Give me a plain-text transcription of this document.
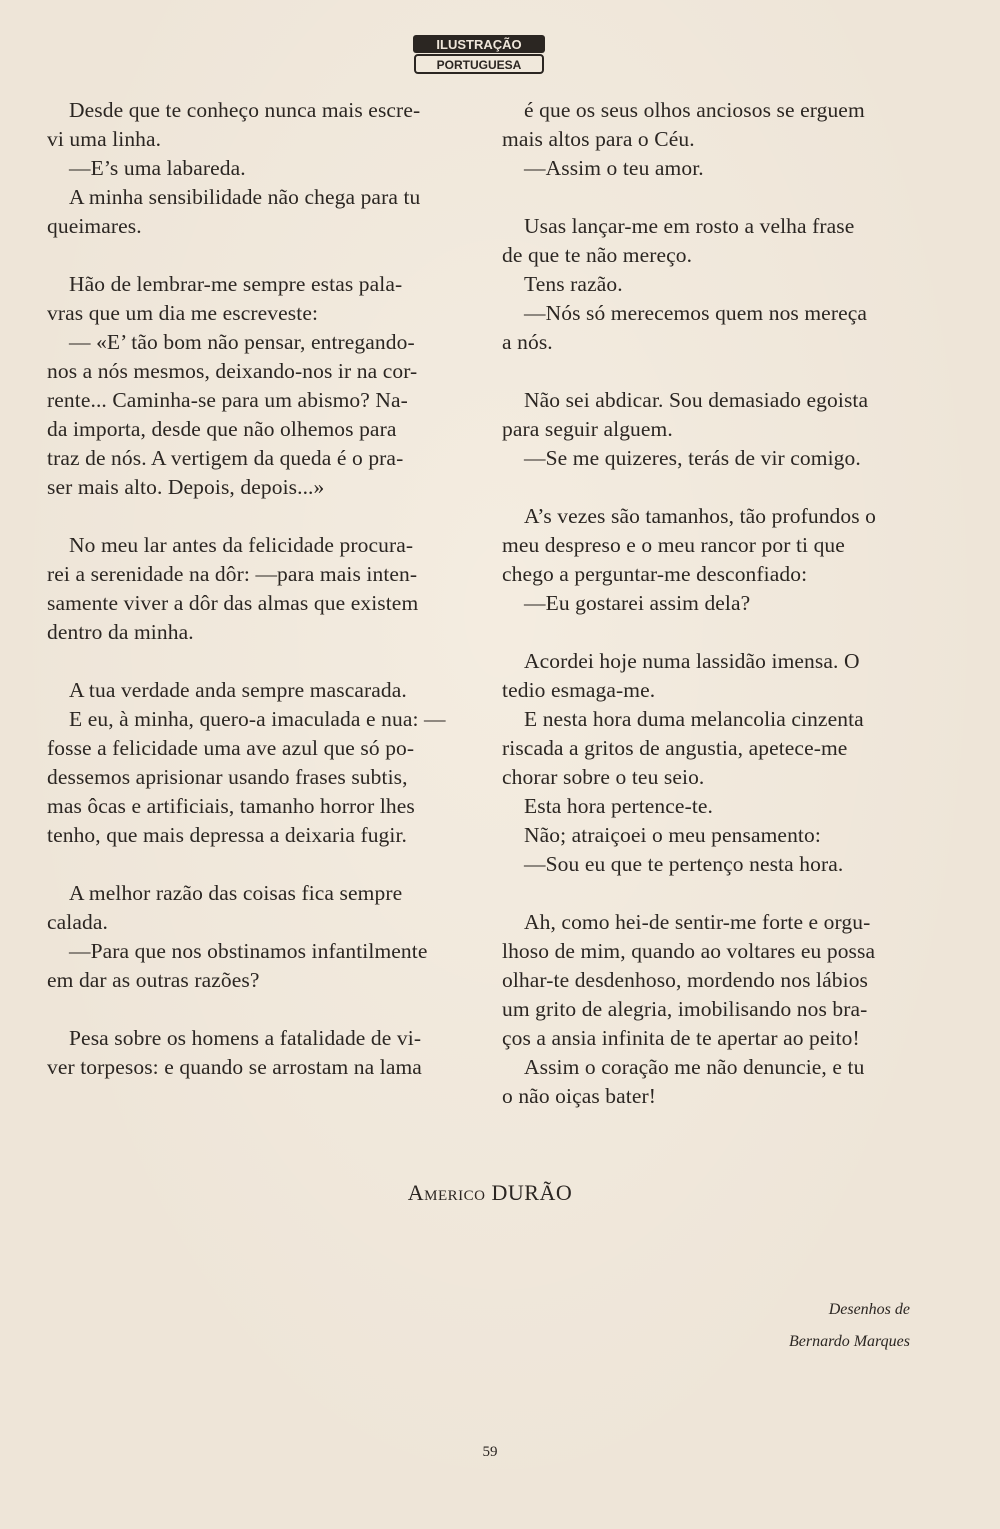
ILUSTRAÇÃO
PORTUGUESA
Desde que te conheço nunca mais escre-
vi uma linha.
—E’s uma labareda.
A minha sensibilidade não chega para tu
queimares.
Hão de lembrar-me sempre estas pala-
vras que um dia me escreveste:
— «E’ tão bom não pensar, entregando-
nos a nós mesmos, deixando-nos ir na cor-
rente... Caminha-se para um abismo? Na-
da importa, desde que não olhemos para
traz de nós. A vertigem da queda é o pra-
ser mais alto. Depois, depois...»
No meu lar antes da felicidade procura-
rei a serenidade na dôr: —para mais inten-
samente viver a dôr das almas que existem
dentro da minha.
A tua verdade anda sempre mascarada.
E eu, à minha, quero-a imaculada e nua: —
fosse a felicidade uma ave azul que só po-
dessemos aprisionar usando frases subtis,
mas ôcas e artificiais, tamanho horror lhes
tenho, que mais depressa a deixaria fugir.
A melhor razão das coisas fica sempre
calada.
—Para que nos obstinamos infantilmente
em dar as outras razões?
Pesa sobre os homens a fatalidade de vi-
ver torpesos: e quando se arrostam na lama
é que os seus olhos anciosos se erguem
mais altos para o Céu.
—Assim o teu amor.
Usas lançar-me em rosto a velha frase
de que te não mereço.
Tens razão.
—Nós só merecemos quem nos mereça
a nós.
Não sei abdicar. Sou demasiado egoista
para seguir alguem.
—Se me quizeres, terás de vir comigo.
A’s vezes são tamanhos, tão profundos o
meu despreso e o meu rancor por ti que
chego a perguntar-me desconfiado:
—Eu gostarei assim dela?
Acordei hoje numa lassidão imensa. O
tedio esmaga-me.
E nesta hora duma melancolia cinzenta
riscada a gritos de angustia, apetece-me
chorar sobre o teu seio.
Esta hora pertence-te.
Não; atraiçoei o meu pensamento:
—Sou eu que te pertenço nesta hora.
Ah, como hei-de sentir-me forte e orgu-
lhoso de mim, quando ao voltares eu possa
olhar-te desdenhoso, mordendo nos lábios
um grito de alegria, imobilisando nos bra-
ços a ansia infinita de te apertar ao peito!
Assim o coração me não denuncie, e tu
o não oiças bater!
Americo DURÃO
Desenhos de
Bernardo Marques
59
